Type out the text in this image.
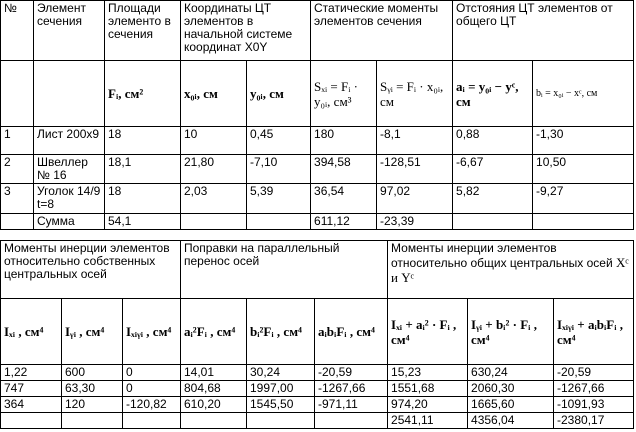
№	Элемент сечения	Площади элементо в сечения	Координаты ЦТ элементов в начальной системе координат X0Y		Статические моменты элементов сечения		Отстояния ЦТ элементов от общего ЦТ	
		Fᵢ, см²	x₀ᵢ, см	y₀ᵢ, см	Sₓᵢ = Fᵢ · y₀ᵢ, см³	Sᵧᵢ = Fᵢ · x₀ᵢ, см	aᵢ = y₀ᵢ − yᶜ, см	bᵢ = x₀ᵢ − xᶜ, см
1	Лист 200х9	18	10	0,45	180	-8,1	0,88	-1,30
2	Швеллер № 16	18,1	21,80	-7,10	394,58	-128,51	-6,67	10,50
3	Уголок 14/9 t=8	18	2,03	5,39	36,54	97,02	5,82	-9,27
	Сумма	54,1			611,12	-23,39		
Моменты инерции элементов относительно собственных центральных осей			Поправки на параллельный перенос осей			Моменты инерции элементов относительно общих центральных осей Xᶜ и Yᶜ		
Iₓᵢ , см⁴	Iᵧᵢ , см⁴	Iₓᵢᵧᵢ , см⁴	aᵢ²Fᵢ , см⁴	bᵢ²Fᵢ , см⁴	aᵢbᵢFᵢ , см⁴	Iₓᵢ + aᵢ² · Fᵢ , см⁴	Iᵧᵢ + bᵢ² · Fᵢ , см⁴	Iₓᵢᵧᵢ + aᵢbᵢFᵢ , см⁴
1,22	600	0	14,01	30,24	-20,59	15,23	630,24	-20,59
747	63,30	0	804,68	1997,00	-1267,66	1551,68	2060,30	-1267,66
364	120	-120,82	610,20	1545,50	-971,11	974,20	1665,60	-1091,93
						2541,11	4356,04	-2380,17
